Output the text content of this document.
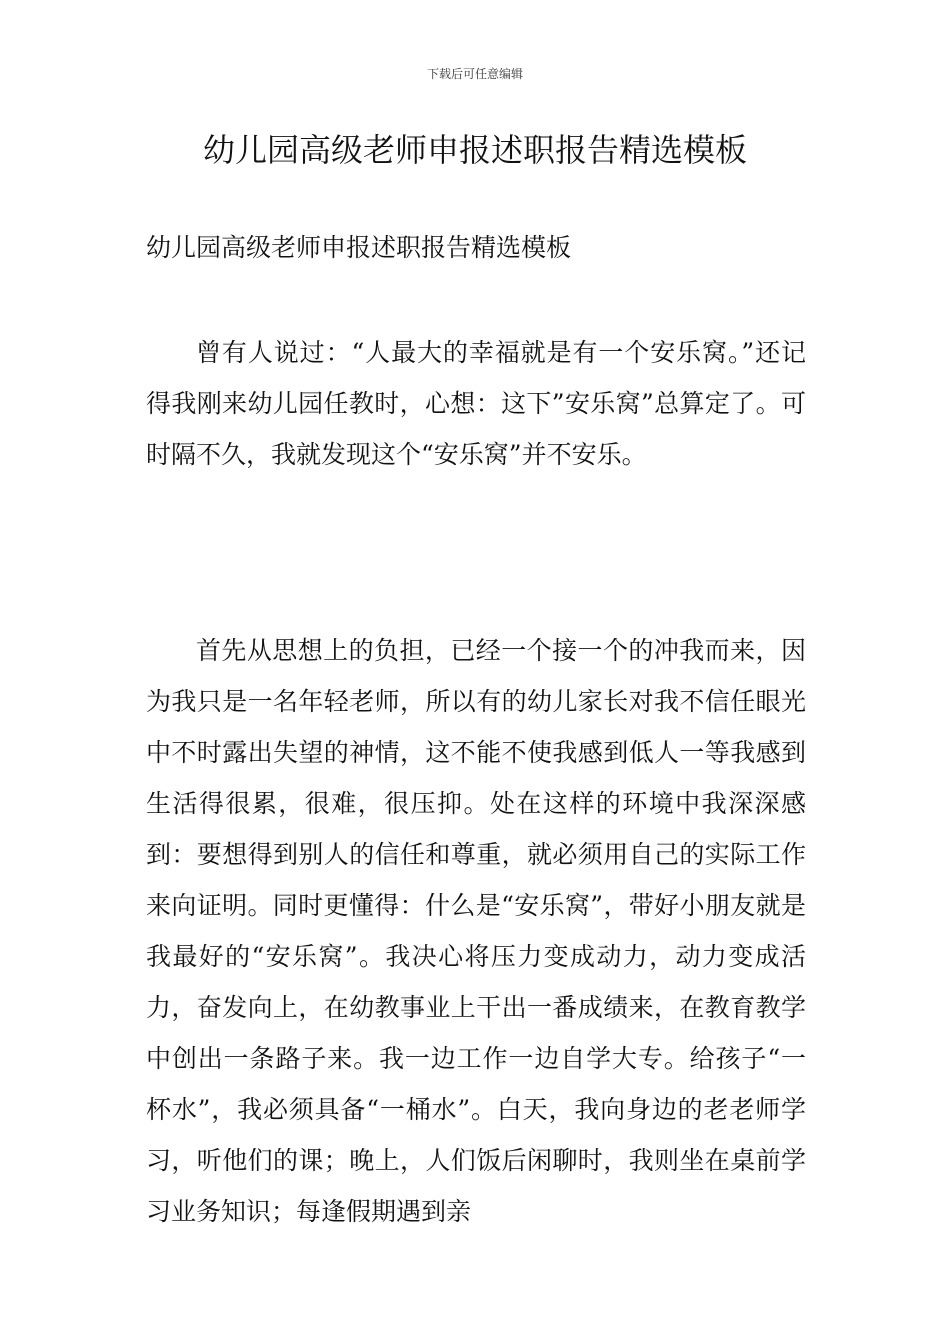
下载后可任意编辑
幼儿园高级老师申报述职报告精选模板
幼儿园高级老师申报述职报告精选模板

曾有人说过：“人最大的幸福就是有一个安乐窝。”还记得我刚来幼儿园任教时，心想：这下”安乐窝”总算定了。可时隔不久，我就发现这个“安乐窝”并不安乐。

首先从思想上的负担，已经一个接一个的冲我而来，因为我只是一名年轻老师，所以有的幼儿家长对我不信任眼光中不时露出失望的神情，这不能不使我感到低人一等我感到生活得很累，很难，很压抑。处在这样的环境中我深深感到：要想得到别人的信任和尊重，就必须用自己的实际工作来向证明。同时更懂得：什么是“安乐窝”，带好小朋友就是我最好的“安乐窝”。我决心将压力变成动力，动力变成活力，奋发向上，在幼教事业上干出一番成绩来，在教育教学中创出一条路子来。我一边工作一边自学大专。给孩子“一杯水”，我必须具备“一桶水”。白天，我向身边的老老师学习，听他们的课；晚上，人们饭后闲聊时，我则坐在桌前学习业务知识；每逢假期遇到亲
